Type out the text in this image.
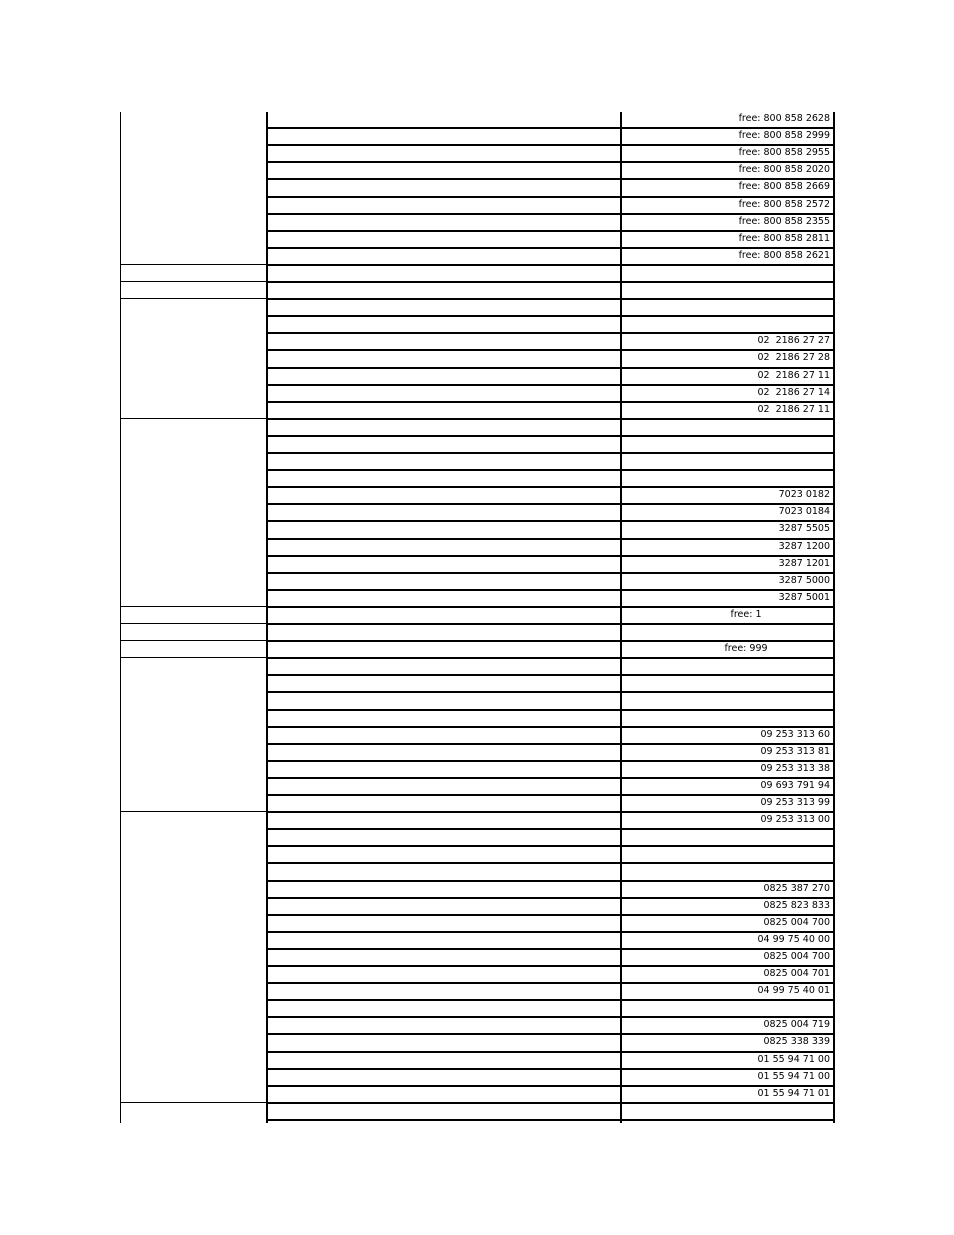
free: 800 858 2628
free: 800 858 2999
free: 800 858 2955
free: 800 858 2020
free: 800 858 2669
free: 800 858 2572
free: 800 858 2355
free: 800 858 2811
free: 800 858 2621
02  2186 27 27
02  2186 27 28
02  2186 27 11
02  2186 27 14
02  2186 27 11
7023 0182
7023 0184
3287 5505
3287 1200
3287 1201
3287 5000
3287 5001
free: 1
free: 999
09 253 313 60
09 253 313 81
09 253 313 38
09 693 791 94
09 253 313 99
09 253 313 00
0825 387 270
0825 823 833
0825 004 700
04 99 75 40 00
0825 004 700
0825 004 701
04 99 75 40 01
0825 004 719
0825 338 339
01 55 94 71 00
01 55 94 71 00
01 55 94 71 01
